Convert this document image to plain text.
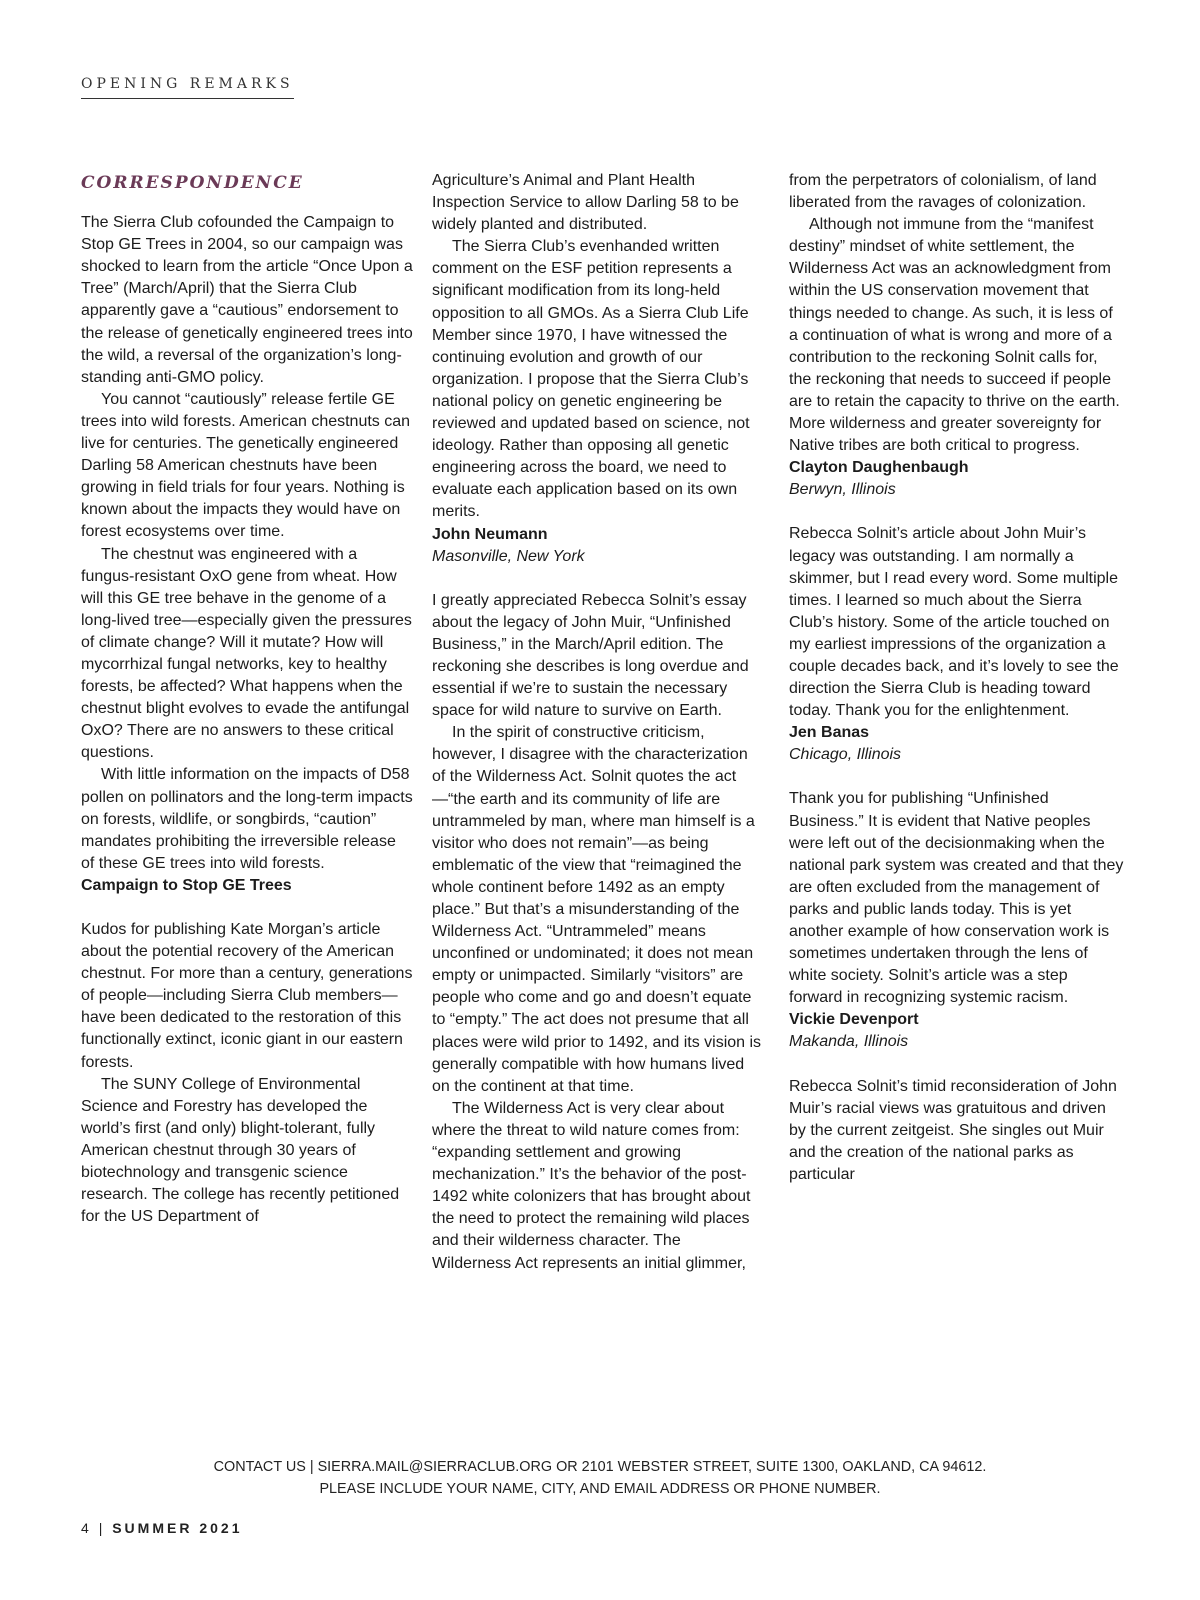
OPENING REMARKS
CORRESPONDENCE

The Sierra Club cofounded the Campaign to Stop GE Trees in 2004, so our campaign was shocked to learn from the article “Once Upon a Tree” (March/April) that the Sierra Club apparently gave a “cautious” endorsement to the release of genetically engineered trees into the wild, a reversal of the organization’s long-standing anti-GMO policy.

You cannot “cautiously” release fertile GE trees into wild forests. American chestnuts can live for centuries. The genetically engineered Darling 58 American chestnuts have been growing in field trials for four years. Nothing is known about the impacts they would have on forest ecosystems over time.

The chestnut was engineered with a fungus-resistant OxO gene from wheat. How will this GE tree behave in the genome of a long-lived tree—especially given the pressures of climate change? Will it mutate? How will mycorrhizal fungal networks, key to healthy forests, be affected? What happens when the chestnut blight evolves to evade the antifungal OxO? There are no answers to these critical questions.

With little information on the impacts of D58 pollen on pollinators and the long-term impacts on forests, wildlife, or songbirds, “caution” mandates prohibiting the irreversible release of these GE trees into wild forests.

Campaign to Stop GE Trees

Kudos for publishing Kate Morgan’s article about the potential recovery of the American chestnut. For more than a century, generations of people—including Sierra Club members—have been dedicated to the restoration of this functionally extinct, iconic giant in our eastern forests.

The SUNY College of Environmental Science and Forestry has developed the world’s first (and only) blight-tolerant, fully American chestnut through 30 years of biotechnology and transgenic science research. The college has recently petitioned for the US Department of

Agriculture’s Animal and Plant Health Inspection Service to allow Darling 58 to be widely planted and distributed.

The Sierra Club’s evenhanded written comment on the ESF petition represents a significant modification from its long-held opposition to all GMOs. As a Sierra Club Life Member since 1970, I have witnessed the continuing evolution and growth of our organization. I propose that the Sierra Club’s national policy on genetic engineering be reviewed and updated based on science, not ideology. Rather than opposing all genetic engineering across the board, we need to evaluate each application based on its own merits.

John Neumann

Masonville, New York

I greatly appreciated Rebecca Solnit’s essay about the legacy of John Muir, “Unfinished Business,” in the March/April edition. The reckoning she describes is long overdue and essential if we’re to sustain the necessary space for wild nature to survive on Earth.

In the spirit of constructive criticism, however, I disagree with the characterization of the Wilderness Act. Solnit quotes the act—“the earth and its community of life are untrammeled by man, where man himself is a visitor who does not remain”—as being emblematic of the view that “reimagined the whole continent before 1492 as an empty place.” But that’s a misunderstanding of the Wilderness Act. “Untrammeled” means unconfined or undominated; it does not mean empty or unimpacted. Similarly “visitors” are people who come and go and doesn’t equate to “empty.” The act does not presume that all places were wild prior to 1492, and its vision is generally compatible with how humans lived on the continent at that time.

The Wilderness Act is very clear about where the threat to wild nature comes from: “expanding settlement and growing mechanization.” It’s the behavior of the post-1492 white colonizers that has brought about the need to protect the remaining wild places and their wilderness character. The Wilderness Act represents an initial glimmer,

from the perpetrators of colonialism, of land liberated from the ravages of colonization.

Although not immune from the “manifest destiny” mindset of white settlement, the Wilderness Act was an acknowledgment from within the US conservation movement that things needed to change. As such, it is less of a continuation of what is wrong and more of a contribution to the reckoning Solnit calls for, the reckoning that needs to succeed if people are to retain the capacity to thrive on the earth. More wilderness and greater sovereignty for Native tribes are both critical to progress.

Clayton Daughenbaugh

Berwyn, Illinois

Rebecca Solnit’s article about John Muir’s legacy was outstanding. I am normally a skimmer, but I read every word. Some multiple times. I learned so much about the Sierra Club’s history. Some of the article touched on my earliest impressions of the organization a couple decades back, and it’s lovely to see the direction the Sierra Club is heading toward today. Thank you for the enlightenment.

Jen Banas

Chicago, Illinois

Thank you for publishing “Unfinished Business.” It is evident that Native peoples were left out of the decisionmaking when the national park system was created and that they are often excluded from the management of parks and public lands today. This is yet another example of how conservation work is sometimes undertaken through the lens of white society. Solnit’s article was a step forward in recognizing systemic racism.

Vickie Devenport

Makanda, Illinois

Rebecca Solnit’s timid reconsideration of John Muir’s racial views was gratuitous and driven by the current zeitgeist. She singles out Muir and the creation of the national parks as particular

CONTACT US | SIERRA.MAIL@SIERRACLUB.ORG OR 2101 WEBSTER STREET, SUITE 1300, OAKLAND, CA 94612.
PLEASE INCLUDE YOUR NAME, CITY, AND EMAIL ADDRESS OR PHONE NUMBER.
4 | SUMMER 2021
